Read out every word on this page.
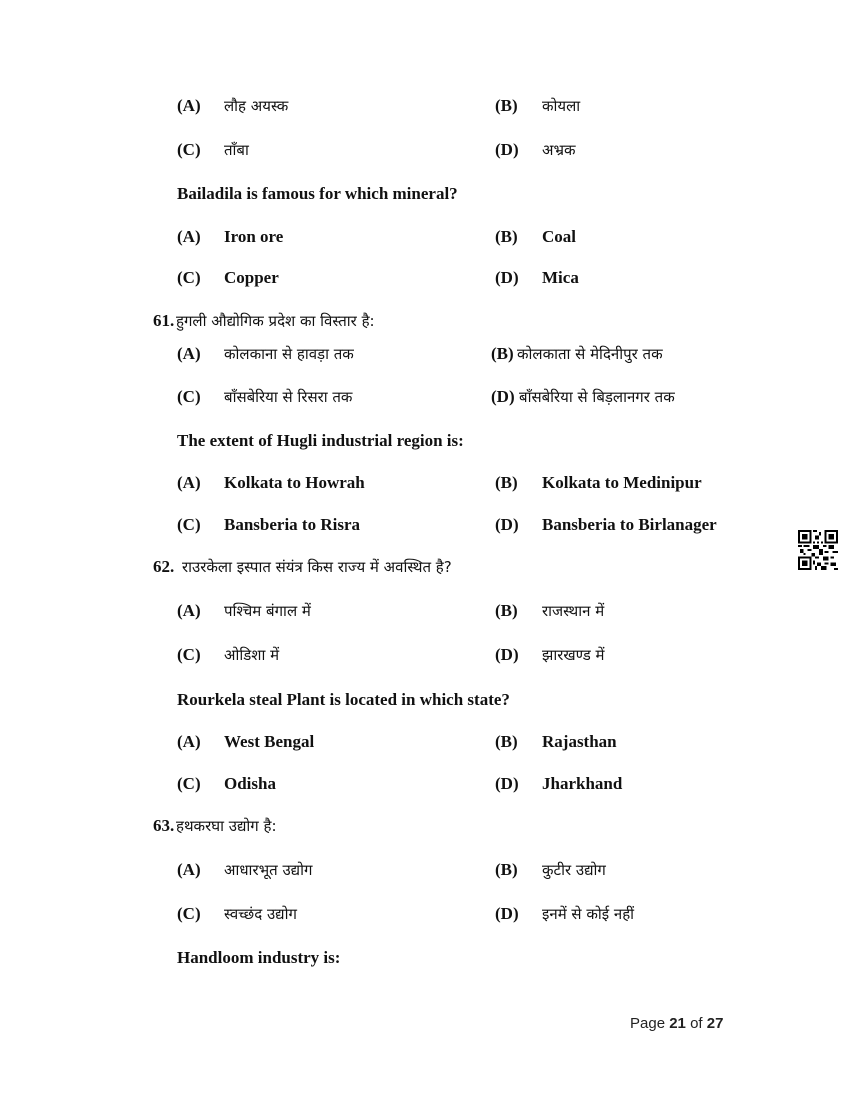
(A) लौह अयस्क	(B) कोयला
(C) ताँबा	(D) अभ्रक
Bailadila is famous for which mineral?
(A) Iron ore	(B) Coal
(C) Copper	(D) Mica
61. हुगली औद्योगिक प्रदेश का विस्तार है:
(A) कोलकाना से हावड़ा तक	(B) कोलकाता से मेदिनीपुर तक
(C) बाँसबेरिया से रिसरा तक	(D) बाँसबेरिया से बिड़लानगर तक
The extent of Hugli industrial region is:
(A) Kolkata to Howrah	(B) Kolkata to Medinipur
(C) Bansberia to Risra	(D) Bansberia to Birlanager
62. राउरकेला इस्पात संयंत्र किस राज्य में अवस्थित है?
(A) पश्चिम बंगाल में	(B) राजस्थान में
(C) ओडिशा में	(D) झारखण्ड में
Rourkela steal Plant is located in which state?
(A) West Bengal	(B) Rajasthan
(C) Odisha	(D) Jharkhand
63. हथकरघा उद्योग है:
(A) आधारभूत उद्योग	(B) कुटीर उद्योग
(C) स्वच्छंद उद्योग	(D) इनमें से कोई नहीं
Handloom industry is:
Page 21 of 27
